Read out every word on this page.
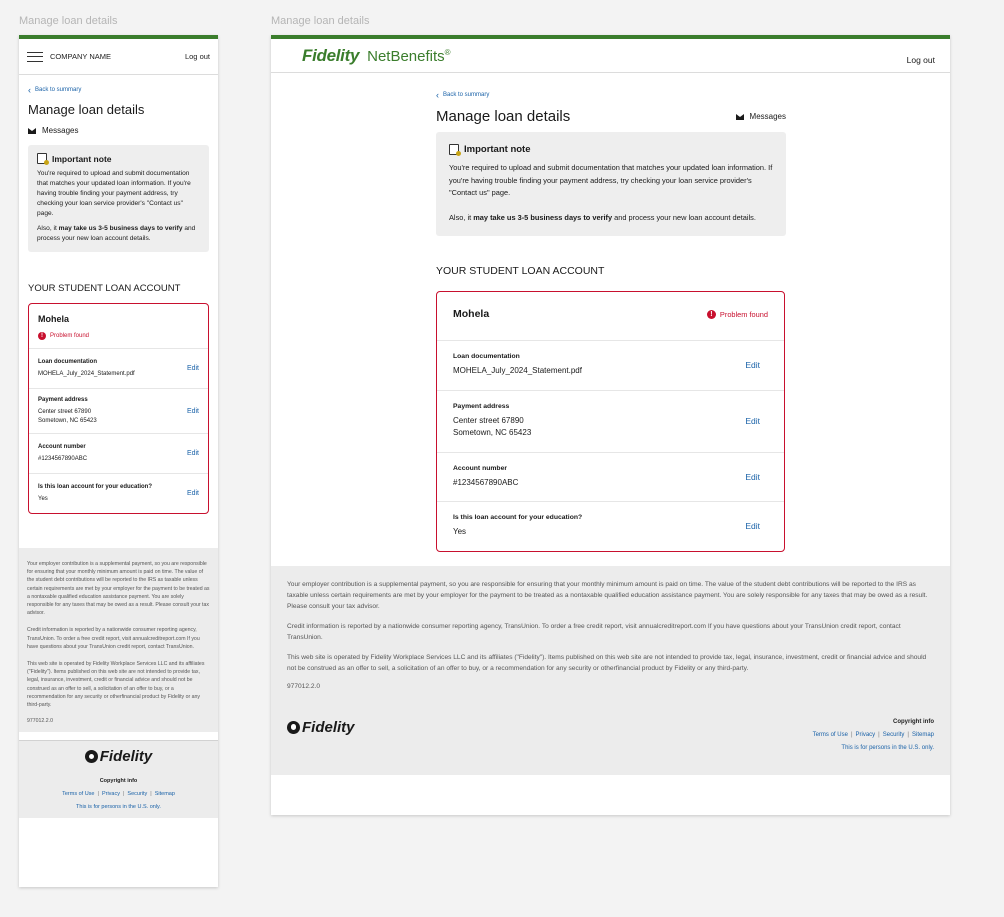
Manage loan details	Manage loan details
COMPANY NAME	Log out
‹ Back to summary
Manage loan details
Messages
Important note

You're required to upload and submit documentation that matches your updated loan information. If you're having trouble finding your payment address, try checking your loan service provider's "Contact us" page.

Also, it may take us 3-5 business days to verify and process your new loan account details.

YOUR STUDENT LOAN ACCOUNT
Mohela
!	Problem found
Loan documentation
MOHELA_July_2024_Statement.pdf
Edit
Payment address
Center street 67890
Sometown, NC 65423
Edit
Account number
#1234567890ABC
Edit
Is this loan account for your education?
Yes
Edit

Your employer contribution is a supplemental payment, so you are responsible for ensuring that your monthly minimum amount is paid on time. The value of the student debt contributions will be reported to the IRS as taxable unless certain requirements are met by your employer for the payment to be treated as a nontaxable qualified education assistance payment. You are solely responsible for any taxes that may be owed as a result. Please consult your tax advisor.

Credit information is reported by a nationwide consumer reporting agency, TransUnion. To order a free credit report, visit annualcreditreport.com If you have questions about your TransUnion credit report, contact TransUnion.

This web site is operated by Fidelity Workplace Services LLC and its affiliates ("Fidelity"). Items published on this web site are not intended to provide tax, legal, insurance, investment, credit or financial advice and should not be construed as an offer to sell, a solicitation of an offer to buy, or a recommendation for any security or otherfinancial product by Fidelity or any third-party.

977012.2.0
Fidelity
Copyright info
Terms of Use | Privacy | Security | Sitemap
This is for persons in the U.S. only.
Fidelity NetBenefits®
Log out
‹ Back to summary
Manage loan details	Messages
Important note

You're required to upload and submit documentation that matches your updated loan information. If you're having trouble finding your payment address, try checking your loan service provider's "Contact us" page.

Also, it may take us 3-5 business days to verify and process your new loan account details.

YOUR STUDENT LOAN ACCOUNT
Mohela	! Problem found
Loan documentation
MOHELA_July_2024_Statement.pdf
Edit
Payment address
Center street 67890
Sometown, NC 65423
Edit
Account number
#1234567890ABC
Edit
Is this loan account for your education?
Yes
Edit

Your employer contribution is a supplemental payment, so you are responsible for ensuring that your monthly minimum amount is paid on time. The value of the student debt contributions will be reported to the IRS as taxable unless certain requirements are met by your employer for the payment to be treated as a nontaxable qualified education assistance payment. You are solely responsible for any taxes that may be owed as a result. Please consult your tax advisor.

Credit information is reported by a nationwide consumer reporting agency, TransUnion. To order a free credit report, visit annualcreditreport.com If you have questions about your TransUnion credit report, contact TransUnion.

This web site is operated by Fidelity Workplace Services LLC and its affiliates ("Fidelity"). Items published on this web site are not intended to provide tax, legal, insurance, investment, credit or financial advice and should not be construed as an offer to sell, a solicitation of an offer to buy, or a recommendation for any security or otherfinancial product by Fidelity or any third-party.

977012.2.0
Fidelity	Copyright info
Terms of Use | Privacy | Security | Sitemap
This is for persons in the U.S. only.
